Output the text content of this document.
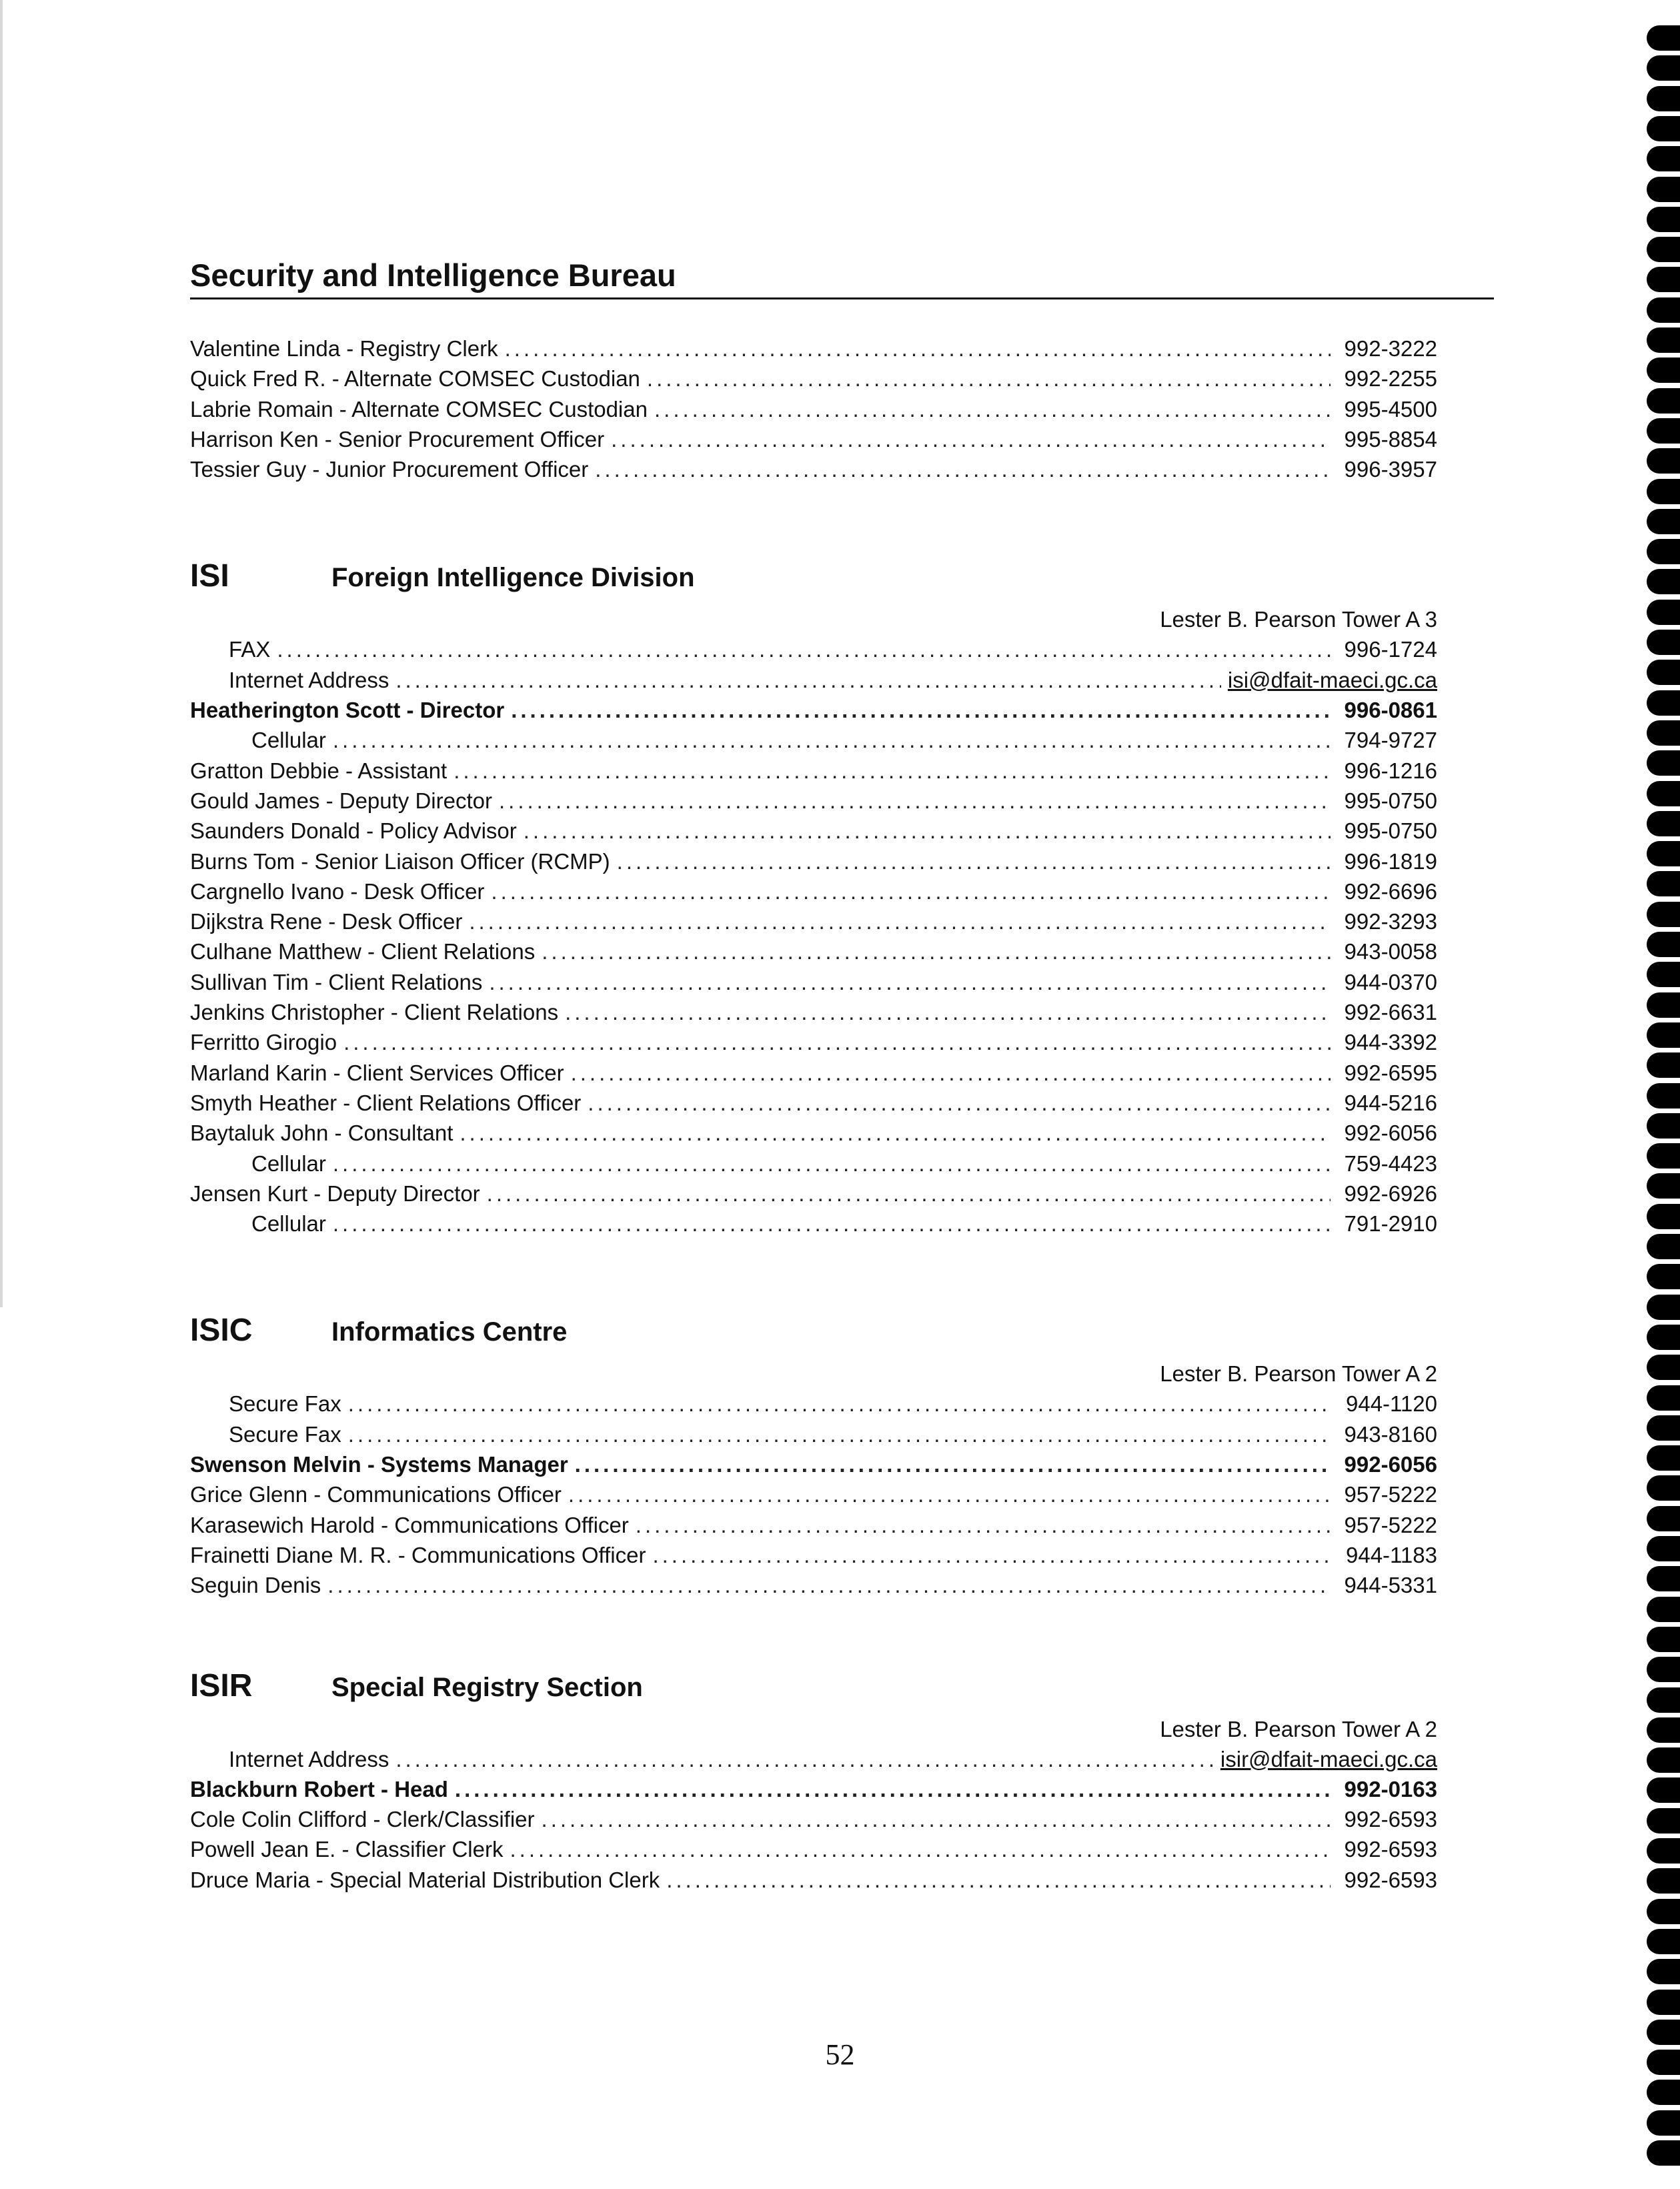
Security and Intelligence Bureau
Valentine Linda - Registry Clerk .....	992-3222
Quick Fred R. - Alternate COMSEC Custodian .....	992-2255
Labrie Romain - Alternate COMSEC Custodian .....	995-4500
Harrison Ken - Senior Procurement Officer .....	995-8854
Tessier Guy - Junior Procurement Officer .....	996-3957
ISI	Foreign Intelligence Division
Lester B. Pearson Tower A 3
FAX .....	996-1724
Internet Address .....	isi@dfait-maeci.gc.ca
Heatherington Scott - Director .....	996-0861
Cellular .....	794-9727
Gratton Debbie - Assistant .....	996-1216
Gould James - Deputy Director .....	995-0750
Saunders Donald - Policy Advisor .....	995-0750
Burns Tom - Senior Liaison Officer (RCMP) .....	996-1819
Cargnello Ivano - Desk Officer .....	992-6696
Dijkstra Rene - Desk Officer .....	992-3293
Culhane Matthew - Client Relations .....	943-0058
Sullivan Tim - Client Relations .....	944-0370
Jenkins Christopher - Client Relations .....	992-6631
Ferritto Girogio .....	944-3392
Marland Karin - Client Services Officer .....	992-6595
Smyth Heather - Client Relations Officer .....	944-5216
Baytaluk John - Consultant .....	992-6056
Cellular .....	759-4423
Jensen Kurt - Deputy Director .....	992-6926
Cellular .....	791-2910
ISIC	Informatics Centre
Lester B. Pearson Tower A 2
Secure Fax .....	944-1120
Secure Fax .....	943-8160
Swenson Melvin - Systems Manager .....	992-6056
Grice Glenn - Communications Officer .....	957-5222
Karasewich Harold - Communications Officer .....	957-5222
Frainetti Diane M. R. - Communications Officer .....	944-1183
Seguin Denis .....	944-5331
ISIR	Special Registry Section
Lester B. Pearson Tower A 2
Internet Address .....	isir@dfait-maeci.gc.ca
Blackburn Robert - Head .....	992-0163
Cole Colin Clifford - Clerk/Classifier .....	992-6593
Powell Jean E. - Classifier Clerk .....	992-6593
Druce Maria - Special Material Distribution Clerk .....	992-6593
52
